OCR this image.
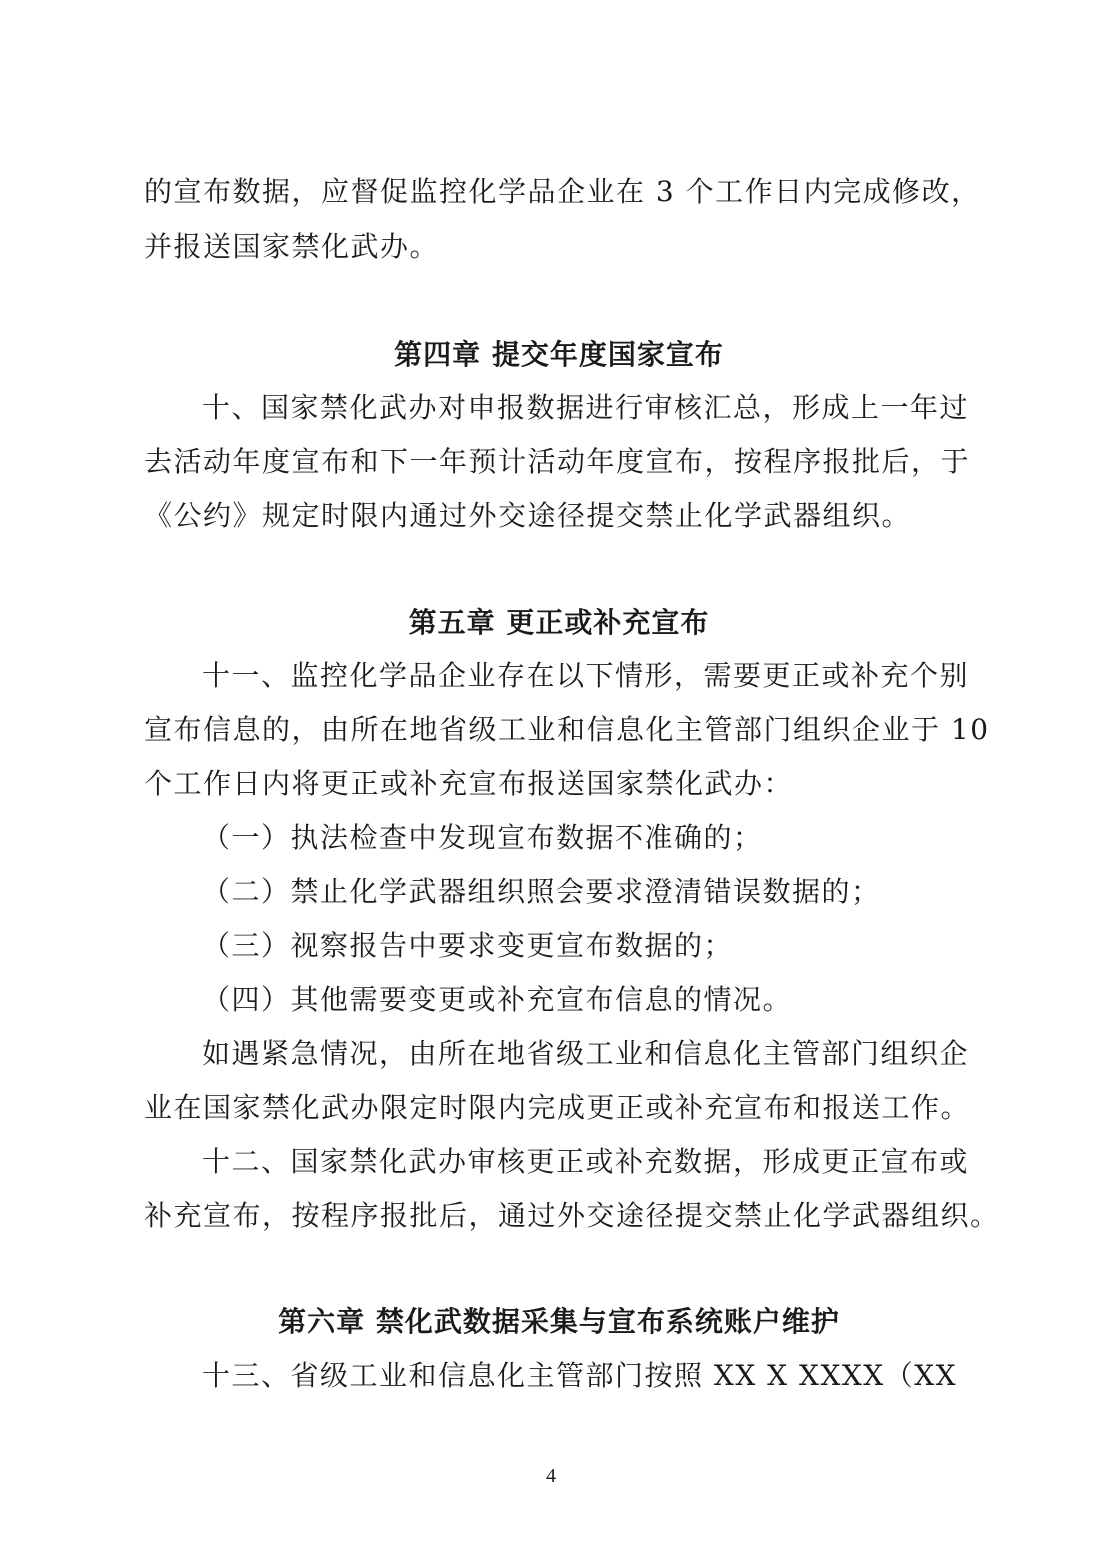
的宣布数据，应督促监控化学品企业在 3 个工作日内完成修改，
并报送国家禁化武办。
第四章 提交年度国家宣布
十、国家禁化武办对申报数据进行审核汇总，形成上一年过
去活动年度宣布和下一年预计活动年度宣布，按程序报批后，于
《公约》规定时限内通过外交途径提交禁止化学武器组织。
第五章 更正或补充宣布
十一、监控化学品企业存在以下情形，需要更正或补充个别
宣布信息的，由所在地省级工业和信息化主管部门组织企业于 10
个工作日内将更正或补充宣布报送国家禁化武办：
（一）执法检查中发现宣布数据不准确的；
（二）禁止化学武器组织照会要求澄清错误数据的；
（三）视察报告中要求变更宣布数据的；
（四）其他需要变更或补充宣布信息的情况。
如遇紧急情况，由所在地省级工业和信息化主管部门组织企
业在国家禁化武办限定时限内完成更正或补充宣布和报送工作。
十二、国家禁化武办审核更正或补充数据，形成更正宣布或
补充宣布，按程序报批后，通过外交途径提交禁止化学武器组织。
第六章 禁化武数据采集与宣布系统账户维护
十三、省级工业和信息化主管部门按照 XX X XXXX（XX
4
